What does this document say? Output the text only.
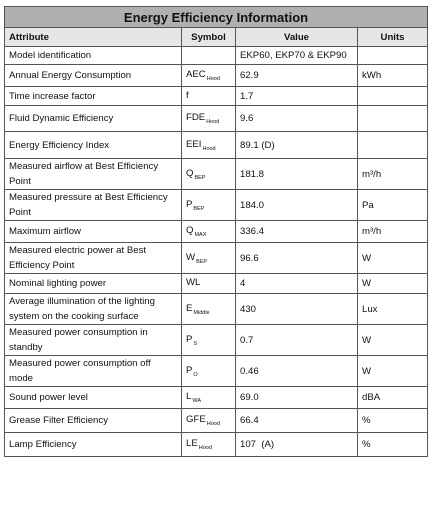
Energy Efficiency Information			
Attribute	Symbol	Value	Units
Model identification		EKP60, EKP70 & EKP90	
Annual Energy Consumption	$AEC_{Hood}$	62.9	kWh
Time increase factor	f	1.7	
Fluid Dynamic Efficiency	$FDE_{Hood}$	9.6	
Energy Efficiency Index	$EEI_{Hood}$	89.1 (D)	
Measured airflow at Best Efficiency Point	$Q_{BEP}$	181.8	m³/h
Measured pressure at Best Efficiency Point	$P_{BEP}$	184.0	Pa
Maximum airflow	$Q_{MAX}$	336.4	m³/h
Measured electric power at Best Efficiency Point	$W_{BEP}$	96.6	W
Nominal lighting power	WL	4	W
Average illumination of the lighting system on the cooking surface	$E_{Middle}$	430	Lux
Measured power consumption in standby	$P_S$	0.7	W
Measured power consumption off mode	$P_O$	0.46	W
Sound power level	$L_{WA}$	69.0	dBA
Grease Filter Efficiency	$GFE_{Hood}$	66.4	%
Lamp Efficiency	$LE_{Hood}$	107  (A)	%
